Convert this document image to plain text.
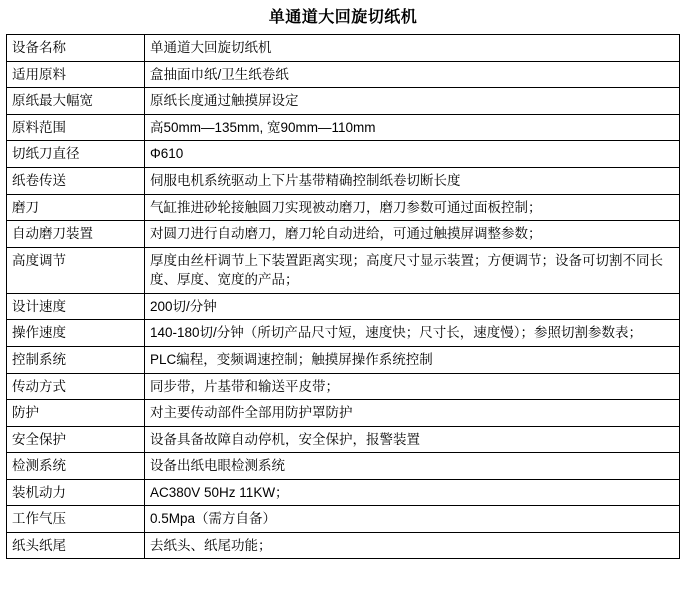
单通道大回旋切纸机
设备名称	单通道大回旋切纸机
适用原料	盒抽面巾纸/卫生纸卷纸
原纸最大幅宽	原纸长度通过触摸屏设定
原料范围	高50mm—135mm, 宽90mm—110mm
切纸刀直径	Φ610
纸卷传送	伺服电机系统驱动上下片基带精确控制纸卷切断长度
磨刀	气缸推进砂轮接触圆刀实现被动磨刀，磨刀参数可通过面板控制；
自动磨刀装置	对圆刀进行自动磨刀，磨刀轮自动进给，可通过触摸屏调整参数；
高度调节	厚度由丝杆调节上下装置距离实现；高度尺寸显示装置；方便调节；设备可切割不同长度、厚度、宽度的产品；
设计速度	200切/分钟
操作速度	140-180切/分钟（所切产品尺寸短，速度快；尺寸长，速度慢）；参照切割参数表；
控制系统	PLC编程，变频调速控制；触摸屏操作系统控制
传动方式	同步带，片基带和输送平皮带；
防护	对主要传动部件全部用防护罩防护
安全保护	设备具备故障自动停机，安全保护，报警装置
检测系统	设备出纸电眼检测系统
装机动力	AC380V 50Hz 11KW；
工作气压	0.5Mpa（需方自备）
纸头纸尾	去纸头、纸尾功能；
